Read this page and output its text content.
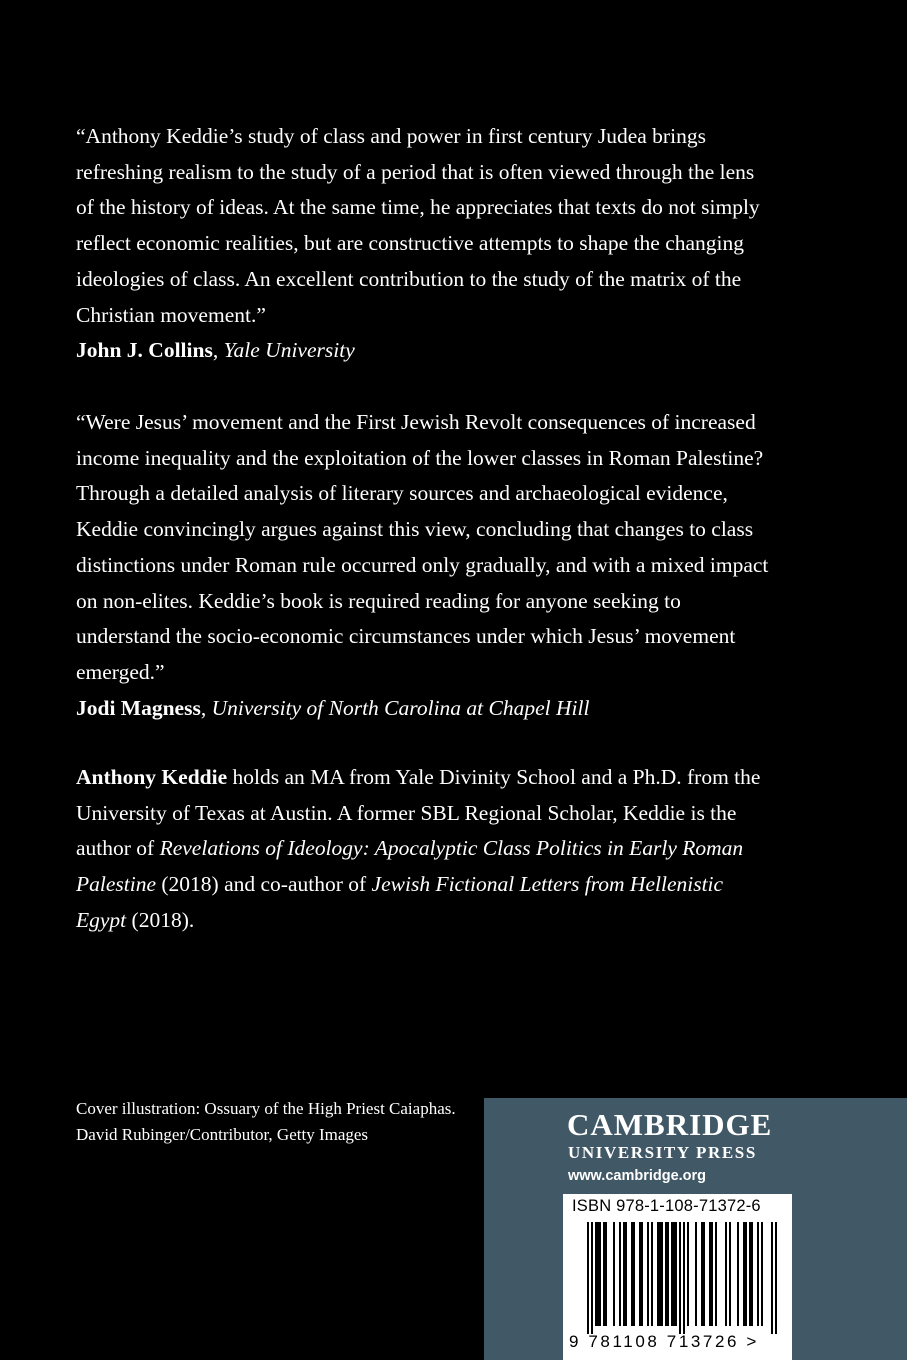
“Anthony Keddie’s study of class and power in first century Judea brings refreshing realism to the study of a period that is often viewed through the lens of the history of ideas. At the same time, he appreciates that texts do not simply reflect economic realities, but are constructive attempts to shape the changing ideologies of class. An excellent contribution to the study of the matrix of the Christian movement.”

John J. Collins, Yale University

“Were Jesus’ movement and the First Jewish Revolt consequences of increased income inequality and the exploitation of the lower classes in Roman Palestine? Through a detailed analysis of literary sources and archaeological evidence, Keddie convincingly argues against this view, concluding that changes to class distinctions under Roman rule occurred only gradually, and with a mixed impact on non-elites. Keddie’s book is required reading for anyone seeking to understand the socio-economic circumstances under which Jesus’ movement emerged.”

Jodi Magness, University of North Carolina at Chapel Hill

Anthony Keddie holds an MA from Yale Divinity School and a Ph.D. from the University of Texas at Austin. A former SBL Regional Scholar, Keddie is the author of Revelations of Ideology: Apocalyptic Class Politics in Early Roman Palestine (2018) and co-author of Jewish Fictional Letters from Hellenistic Egypt (2018).

Cover illustration: Ossuary of the High Priest Caiaphas. David Rubinger/Contributor, Getty Images	CAMBRIDGE

UNIVERSITY PRESS

www.cambridge.org
ISBN 978-1-108-71372-6
9 781108 713726 >
